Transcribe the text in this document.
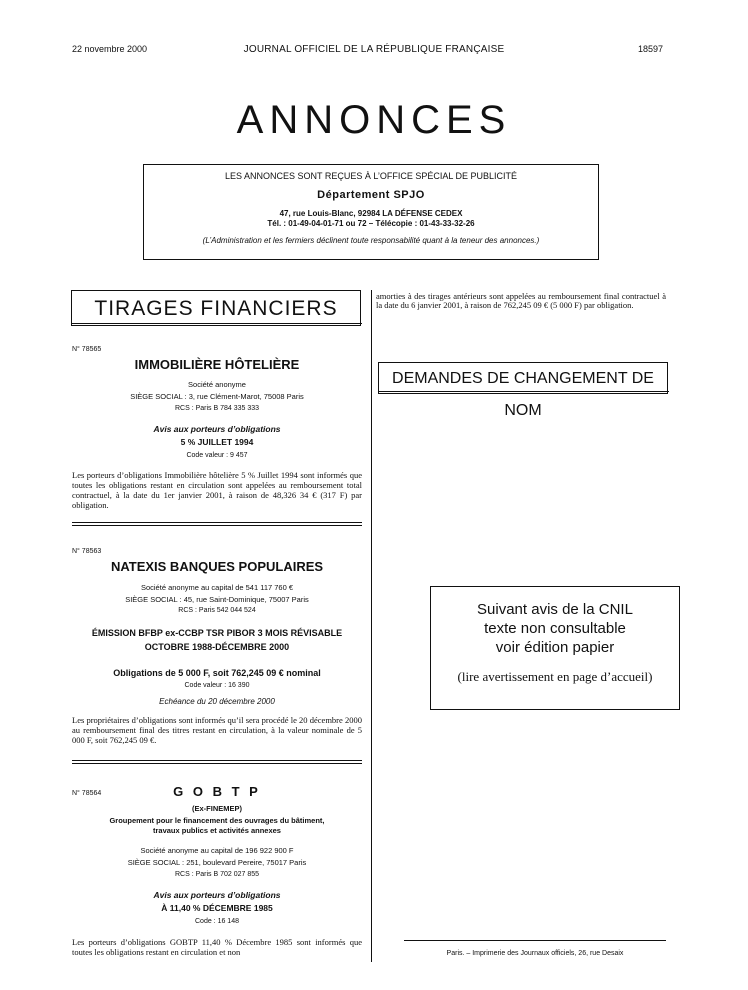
22 novembre 2000	JOURNAL OFFICIEL DE LA RÉPUBLIQUE FRANÇAISE	18597
ANNONCES
LES ANNONCES SONT REÇUES À L’OFFICE SPÉCIAL DE PUBLICITÉ
Département SPJO
47, rue Louis-Blanc, 92984 LA DÉFENSE CEDEX
Tél. : 01-49-04-01-71 ou 72 – Télécopie : 01-43-33-32-26
(L’Administration et les fermiers déclinent toute responsabilité quant à la teneur des annonces.)
TIRAGES FINANCIERS
N° 78565
IMMOBILIÈRE HÔTELIÈRE
Société anonyme
SIÈGE SOCIAL : 3, rue Clément-Marot, 75008 Paris
RCS : Paris B 784 335 333
Avis aux porteurs d’obligations
5 % JUILLET 1994
Code valeur : 9 457
Les porteurs d’obligations Immobilière hôtelière 5 % Juillet 1994 sont informés que toutes les obligations restant en circulation sont appelées au remboursement total contractuel, à la date du 1er janvier 2001, à raison de 48,326 34 € (317 F) par obligation.
N° 78563
NATEXIS BANQUES POPULAIRES
Société anonyme au capital de 541 117 760 €
SIÈGE SOCIAL : 45, rue Saint-Dominique, 75007 Paris
RCS : Paris 542 044 524
ÉMISSION BFBP ex-CCBP TSR PIBOR 3 MOIS RÉVISABLE
OCTOBRE 1988-DÉCEMBRE 2000
Obligations de 5 000 F, soit 762,245 09 € nominal
Code valeur : 16 390
Echéance du 20 décembre 2000
Les propriétaires d’obligations sont informés qu’il sera procédé le 20 décembre 2000 au remboursement final des titres restant en circulation, à la valeur nominale de 5 000 F, soit 762,245 09 €.
N° 78564	G O B T P
(Ex-FINEMEP)
Groupement pour le financement des ouvrages du bâtiment,
travaux publics et activités annexes
Société anonyme au capital de 196 922 900 F
SIÈGE SOCIAL : 251, boulevard Pereire, 75017 Paris
RCS : Paris B 702 027 855
Avis aux porteurs d’obligations
À 11,40 % DÉCEMBRE 1985
Code : 16 148
Les porteurs d’obligations GOBTP 11,40 % Décembre 1985 sont informés que toutes les obligations restant en circulation et non
amorties à des tirages antérieurs sont appelées au remboursement final contractuel à la date du 6 janvier 2001, à raison de 762,245 09 € (5 000 F) par obligation.
DEMANDES DE CHANGEMENT DE NOM
Suivant avis de la CNIL
texte non consultable
voir édition papier
(lire avertissement en page d’accueil)
Paris. – Imprimerie des Journaux officiels, 26, rue Desaix
